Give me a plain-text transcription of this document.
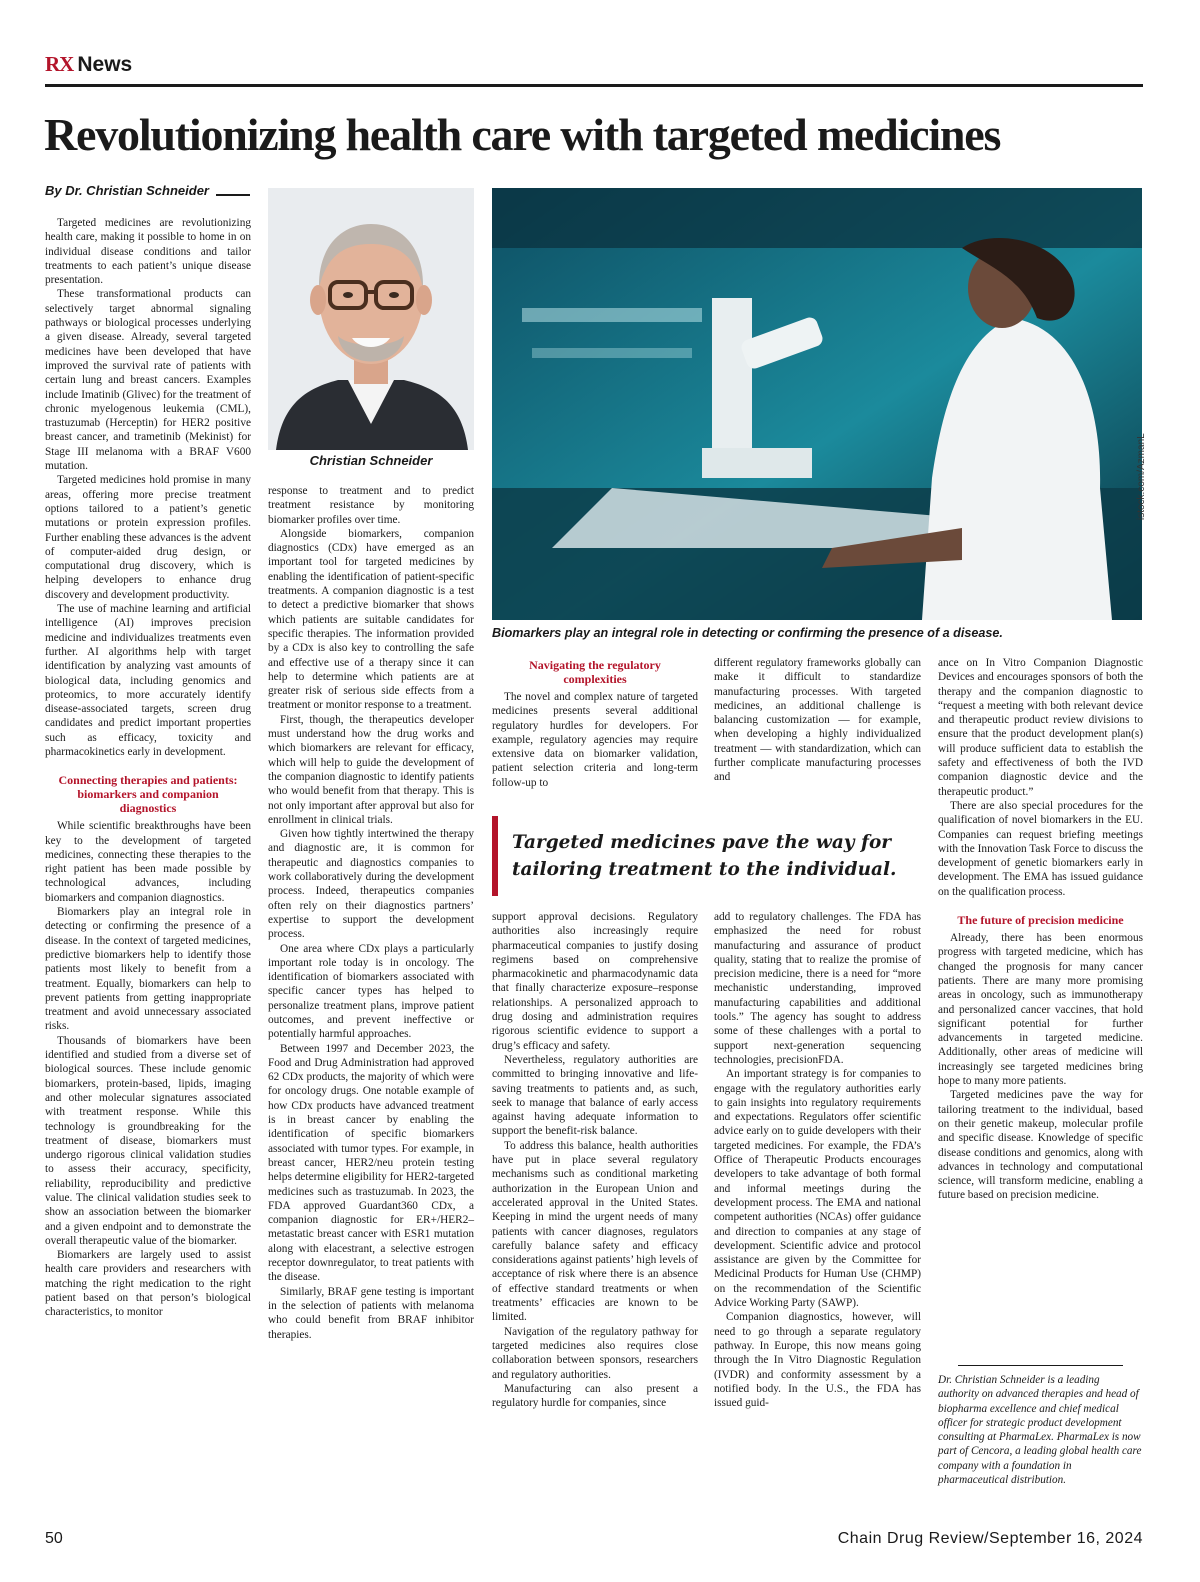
RX News
Revolutionizing health care with targeted medicines
By Dr. Christian Schneider

Targeted medicines are revolutionizing health care, making it possible to home in on individual disease conditions and tailor treatments to each patient’s unique disease presentation.

These transformational products can selectively target abnormal signaling pathways or biological processes underlying a given disease. Already, several targeted medicines have been developed that have improved the survival rate of patients with certain lung and breast cancers. Examples include Imatinib (Glivec) for the treatment of chronic myelogenous leukemia (CML), trastuzumab (Herceptin) for HER2 positive breast cancer, and trametinib (Mekinist) for Stage III melanoma with a BRAF V600 mutation.

Targeted medicines hold promise in many areas, offering more precise treatment options tailored to a patient’s genetic mutations or protein expression profiles. Further enabling these advances is the advent of computer-aided drug design, or computational drug discovery, which is helping developers to enhance drug discovery and development productivity.

The use of machine learning and artificial intelligence (AI) improves precision medicine and individualizes treatments even further. AI algorithms help with target identification by analyzing vast amounts of biological data, including genomics and proteomics, to more accurately identify disease-associated targets, screen drug candidates and predict important properties such as efficacy, toxicity and pharmacokinetics early in development.

Connecting therapies and patients: biomarkers and companion diagnostics

While scientific breakthroughs have been key to the development of targeted medicines, connecting these therapies to the right patient has been made possible by technological advances, including biomarkers and companion diagnostics.

Biomarkers play an integral role in detecting or confirming the presence of a disease. In the context of targeted medicines, predictive biomarkers help to identify those patients most likely to benefit from a treatment. Equally, biomarkers can help to prevent patients from getting inappropriate treatment and avoid unnecessary associated risks.

Thousands of biomarkers have been identified and studied from a diverse set of biological sources. These include genomic biomarkers, protein-based, lipids, imaging and other molecular signatures associated with treatment response. While this technology is groundbreaking for the treatment of disease, biomarkers must undergo rigorous clinical validation studies to assess their accuracy, specificity, reliability, reproducibility and predictive value. The clinical validation studies seek to show an association between the biomarker and a given endpoint and to demonstrate the overall therapeutic value of the biomarker.

Biomarkers are largely used to assist health care providers and researchers with matching the right medication to the right patient based on that person’s biological characteristics, to monitor

Christian Schneider

response to treatment and to predict treatment resistance by monitoring biomarker profiles over time.

Alongside biomarkers, companion diagnostics (CDx) have emerged as an important tool for targeted medicines by enabling the identification of patient-specific treatments. A companion diagnostic is a test to detect a predictive biomarker that shows which patients are suitable candidates for specific therapies. The information provided by a CDx is also key to controlling the safe and effective use of a therapy since it can help to determine which patients are at greater risk of serious side effects from a treatment or monitor response to a treatment.

First, though, the therapeutics developer must understand how the drug works and which biomarkers are relevant for efficacy, which will help to guide the development of the companion diagnostic to identify patients who would benefit from that therapy. This is not only important after approval but also for enrollment in clinical trials.

Given how tightly intertwined the therapy and diagnostic are, it is common for therapeutic and diagnostics companies to work collaboratively during the development process. Indeed, therapeutics companies often rely on their diagnostics partners’ expertise to support the development process.

One area where CDx plays a particularly important role today is in oncology. The identification of biomarkers associated with specific cancer types has helped to personalize treatment plans, improve patient outcomes, and prevent ineffective or potentially harmful approaches.

Between 1997 and December 2023, the Food and Drug Administration had approved 62 CDx products, the majority of which were for oncology drugs. One notable example of how CDx products have advanced treatment is in breast cancer by enabling the identification of specific biomarkers associated with tumor types. For example, in breast cancer, HER2/neu protein testing helps determine eligibility for HER2-targeted medicines such as trastuzumab. In 2023, the FDA approved Guardant360 CDx, a companion diagnostic for ER+/HER2– metastatic breast cancer with ESR1 mutation along with elacestrant, a selective estrogen receptor downregulator, to treat patients with the disease.

Similarly, BRAF gene testing is important in the selection of patients with melanoma who could benefit from BRAF inhibitor therapies.

istock.com/AzmanL
Biomarkers play an integral role in detecting or confirming the presence of a disease.
Navigating the regulatory complexities

The novel and complex nature of targeted medicines presents several additional regulatory hurdles for developers. For example, regulatory agencies may require extensive data on biomarker validation, patient selection criteria and long-term follow-up to

different regulatory frameworks globally can make it difficult to standardize manufacturing processes. With targeted medicines, an additional challenge is balancing customization — for example, when developing a highly individualized treatment — with standardization, which can further complicate manufacturing processes and

Targeted medicines pave the way for tailoring treatment to the individual.

support approval decisions. Regulatory authorities also increasingly require pharmaceutical companies to justify dosing regimens based on comprehensive pharmacokinetic and pharmacodynamic data that finally characterize exposure–response relationships. A personalized approach to drug dosing and administration requires rigorous scientific evidence to support a drug’s efficacy and safety.

Nevertheless, regulatory authorities are committed to bringing innovative and life-saving treatments to patients and, as such, seek to manage that balance of early access against having adequate information to support the benefit-risk balance.

To address this balance, health authorities have put in place several regulatory mechanisms such as conditional marketing authorization in the European Union and accelerated approval in the United States. Keeping in mind the urgent needs of many patients with cancer diagnoses, regulators carefully balance safety and efficacy considerations against patients’ high levels of acceptance of risk where there is an absence of effective standard treatments or when treatments’ efficacies are known to be limited.

Navigation of the regulatory pathway for targeted medicines also requires close collaboration between sponsors, researchers and regulatory authorities.

Manufacturing can also present a regulatory hurdle for companies, since

add to regulatory challenges. The FDA has emphasized the need for robust manufacturing and assurance of product quality, stating that to realize the promise of precision medicine, there is a need for “more mechanistic understanding, improved manufacturing capabilities and additional tools.” The agency has sought to address some of these challenges with a portal to support next-generation sequencing technologies, precisionFDA.

An important strategy is for companies to engage with the regulatory authorities early to gain insights into regulatory requirements and expectations. Regulators offer scientific advice early on to guide developers with their targeted medicines. For example, the FDA’s Office of Therapeutic Products encourages developers to take advantage of both formal and informal meetings during the development process. The EMA and national competent authorities (NCAs) offer guidance and direction to companies at any stage of development. Scientific advice and protocol assistance are given by the Committee for Medicinal Products for Human Use (CHMP) on the recommendation of the Scientific Advice Working Party (SAWP).

Companion diagnostics, however, will need to go through a separate regulatory pathway. In Europe, this now means going through the In Vitro Diagnostic Regulation (IVDR) and conformity assessment by a notified body. In the U.S., the FDA has issued guid-

ance on In Vitro Companion Diagnostic Devices and encourages sponsors of both the therapy and the companion diagnostic to “request a meeting with both relevant device and therapeutic product review divisions to ensure that the product development plan(s) will produce sufficient data to establish the safety and effectiveness of both the IVD companion diagnostic device and the therapeutic product.”

There are also special procedures for the qualification of novel biomarkers in the EU. Companies can request briefing meetings with the Innovation Task Force to discuss the development of genetic biomarkers early in development. The EMA has issued guidance on the qualification process.

The future of precision medicine

Already, there has been enormous progress with targeted medicine, which has changed the prognosis for many cancer patients. There are many more promising areas in oncology, such as immunotherapy and personalized cancer vaccines, that hold significant potential for further advancements in targeted medicine. Additionally, other areas of medicine will increasingly see targeted medicines bring hope to many more patients.

Targeted medicines pave the way for tailoring treatment to the individual, based on their genetic makeup, molecular profile and specific disease. Knowledge of specific disease conditions and genomics, along with advances in technology and computational science, will transform medicine, enabling a future based on precision medicine.

Dr. Christian Schneider is a leading authority on advanced therapies and head of biopharma excellence and chief medical officer for strategic product development consulting at PharmaLex. PharmaLex is now part of Cencora, a leading global health care company with a foundation in pharmaceutical distribution.
50	Chain Drug Review/September 16, 2024
